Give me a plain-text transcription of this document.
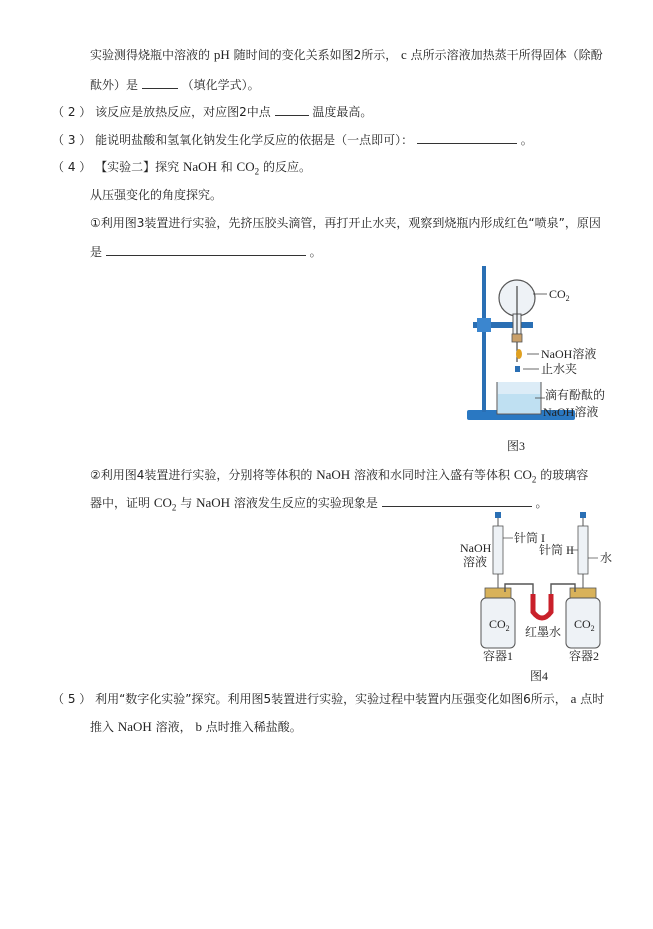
实验测得烧瓶中溶液的 pH 随时间的变化关系如图2所示， c 点所示溶液加热蒸干所得固体（除酚
酞外）是	（填化学式）。
（ 2 ） 该反应是放热反应，对应图2中点	温度最高。
（ 3 ） 能说明盐酸和氢氧化钠发生化学反应的依据是（一点即可）：	。
（ 4 ） 【实验二】探究 NaOH 和 $CO_2$ 的反应。
从压强变化的角度探究。
①利用图3装置进行实验，先挤压胶头滴管，再打开止水夹，观察到烧瓶内形成红色“喷泉”，原因
是	。
$CO_2$
NaOH溶液
止水夹
滴有酚酞的
NaOH溶液
图3
②利用图4装置进行实验，分别将等体积的 NaOH 溶液和水同时注入盛有等体积 $CO_2$ 的玻璃容
器中，证明 $CO_2$ 与 NaOH 溶液发生反应的实验现象是	。
NaOH
溶液
针筒 I
针筒 II
水
$CO_2$	$CO_2$
红墨水
容器1	容器2
图4
（ 5 ） 利用“数字化实验”探究。利用图5装置进行实验，实验过程中装置内压强变化如图6所示， a 点时
推入 NaOH 溶液， b 点时推入稀盐酸。
